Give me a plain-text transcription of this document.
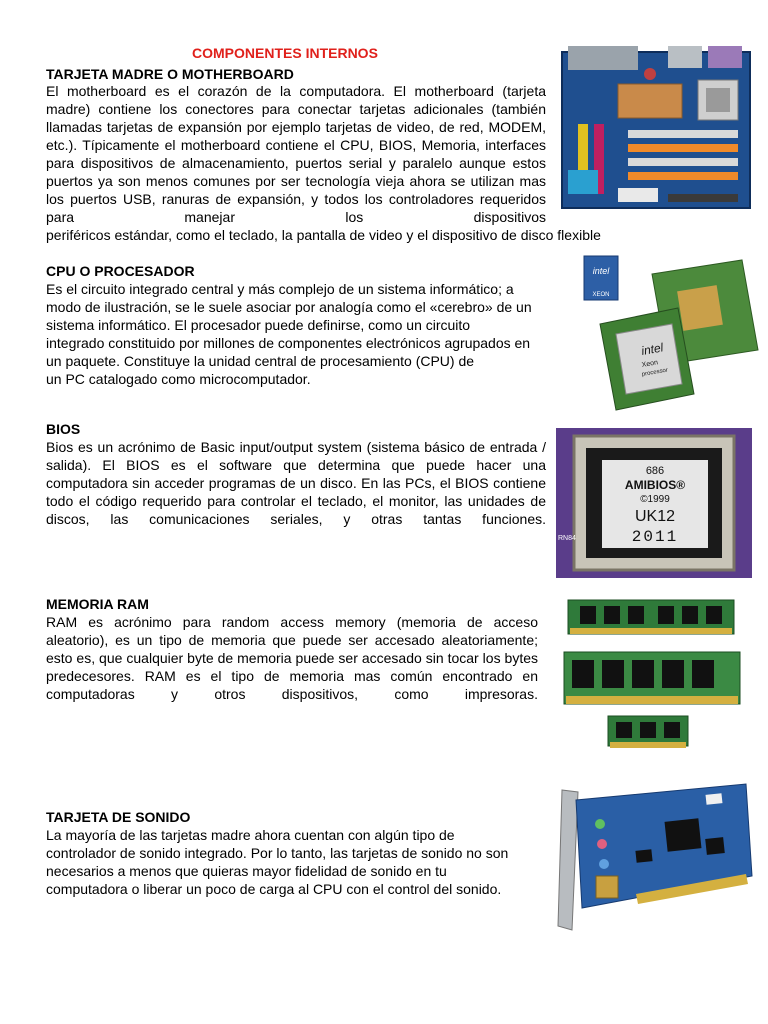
COMPONENTES INTERNOS
TARJETA MADRE O MOTHERBOARD
El motherboard es el corazón de la computadora. El motherboard (tarjeta madre) contiene los conectores para conectar tarjetas adicionales (también llamadas tarjetas de expansión por ejemplo tarjetas de video, de red, MODEM, etc.). Típicamente el motherboard contiene el CPU, BIOS, Memoria, interfaces para dispositivos de almacenamiento, puertos serial y paralelo aunque estos puertos ya son menos comunes por ser tecnología vieja ahora se utilizan mas los puertos USB, ranuras de expansión, y todos los controladores requeridos para manejar los dispositivos
periféricos estándar, como el teclado, la pantalla de video y el dispositivo de disco flexible
CPU O PROCESADOR
Es el circuito integrado central y más complejo de un sistema informático; a
modo de ilustración, se le suele asociar por analogía como el «cerebro» de un
sistema informático. El procesador puede definirse, como un circuito
integrado constituido por millones de componentes electrónicos agrupados en
un paquete. Constituye la unidad central de procesamiento (CPU) de
un PC catalogado como microcomputador.
intel
XEON
intel
Xeon
processor
BIOS
Bios es un acrónimo de Basic input/output system (sistema básico de entrada / salida). El BIOS es el software que determina que puede hacer una computadora sin acceder programas de un disco. En las PCs, el BIOS contiene todo el código requerido para controlar el teclado, el monitor, las unidades de discos, las comunicaciones seriales, y otras tantas funciones.
686
AMIBIOS®
©1999
UK12
2011
RN84
MEMORIA RAM
RAM es acrónimo para random access memory (memoria de acceso aleatorio), es un tipo de memoria que puede ser accesado aleatoriamente; esto es, que cualquier byte de memoria puede ser accesado sin tocar los bytes predecesores. RAM es el tipo de memoria mas común encontrado en computadoras y otros dispositivos, como impresoras.
TARJETA DE SONIDO
La mayoría de las tarjetas madre ahora cuentan con algún tipo de
controlador de sonido integrado. Por lo tanto, las tarjetas de sonido no son
necesarios a menos que quieras mayor fidelidad de sonido en tu
computadora o liberar un poco de carga al CPU con el control del sonido.
